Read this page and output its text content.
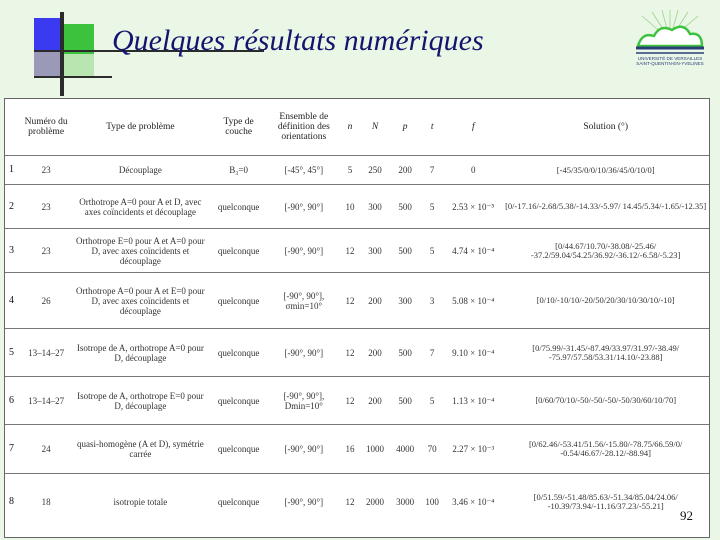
Quelques résultats numériques
UNIVERSITÉ DE VERSAILLES
SAINT-QUENTIN-EN-YVELINES
	Numéro du problème	Type de problème	Type de couche	Ensemble de définition des orientations	n	N	p	t	f	Solution (°)
1	23	Découplage	B₃=0	[-45°, 45°]	5	250	200	7	0	[-45/35/0/0/10/36/45/0/10/0]
2	23	Orthotrope A=0 pour A et D, avec axes coïncidents et découplage	quelconque	[-90°, 90°]	10	300	500	5	2.53 × 10⁻⁵	[0/-17.16/-2.68/5.38/-14.33/-5.97/ 14.45/5.34/-1.65/-12.35]
3	23	Orthotrope E=0 pour A et A=0 pour D, avec axes coïncidents et découplage	quelconque	[-90°, 90°]	12	300	500	5	4.74 × 10⁻⁴	[0/44.67/10.70/-38.08/-25.46/ -37.2/59.04/54.25/36.92/-36.12/-6.58/-5.23]
4	26	Orthotrope A=0 pour A et E=0 pour D, avec axes coïncidents et découplage	quelconque	[-90°, 90°], σmin=10°	12	200	300	3	5.08 × 10⁻⁴	[0/10/-10/10/-20/50/20/30/10/30/10/-10]
5	13–14–27	Isotrope de A, orthotrope A=0 pour D, découplage	quelconque	[-90°, 90°]	12	200	500	7	9.10 × 10⁻⁴	[0/75.99/-31.45/-87.49/33.97/31.97/-38.49/ -75.97/57.58/53.31/14.10/-23.88]
6	13–14–27	Isotrope de A, orthotrope E=0 pour D, découplage	quelconque	[-90°, 90°], Dmin=10°	12	200	500	5	1.13 × 10⁻⁴	[0/60/70/10/-50/-50/-50/-50/30/60/10/70]
7	24	quasi-homogène (A et D), symétrie carrée	quelconque	[-90°, 90°]	16	1000	4000	70	2.27 × 10⁻³	[0/62.46/-53.41/51.56/-15.80/-78.75/66.59/0/ -0.54/46.67/-28.12/-88.94]
8	18	isotropie totale	quelconque	[-90°, 90°]	12	2000	3000	100	3.46 × 10⁻⁴	[0/51.59/-51.48/85.63/-51.34/85.04/24.06/ -10.39/73.94/-11.16/37.23/-55.21]
92
